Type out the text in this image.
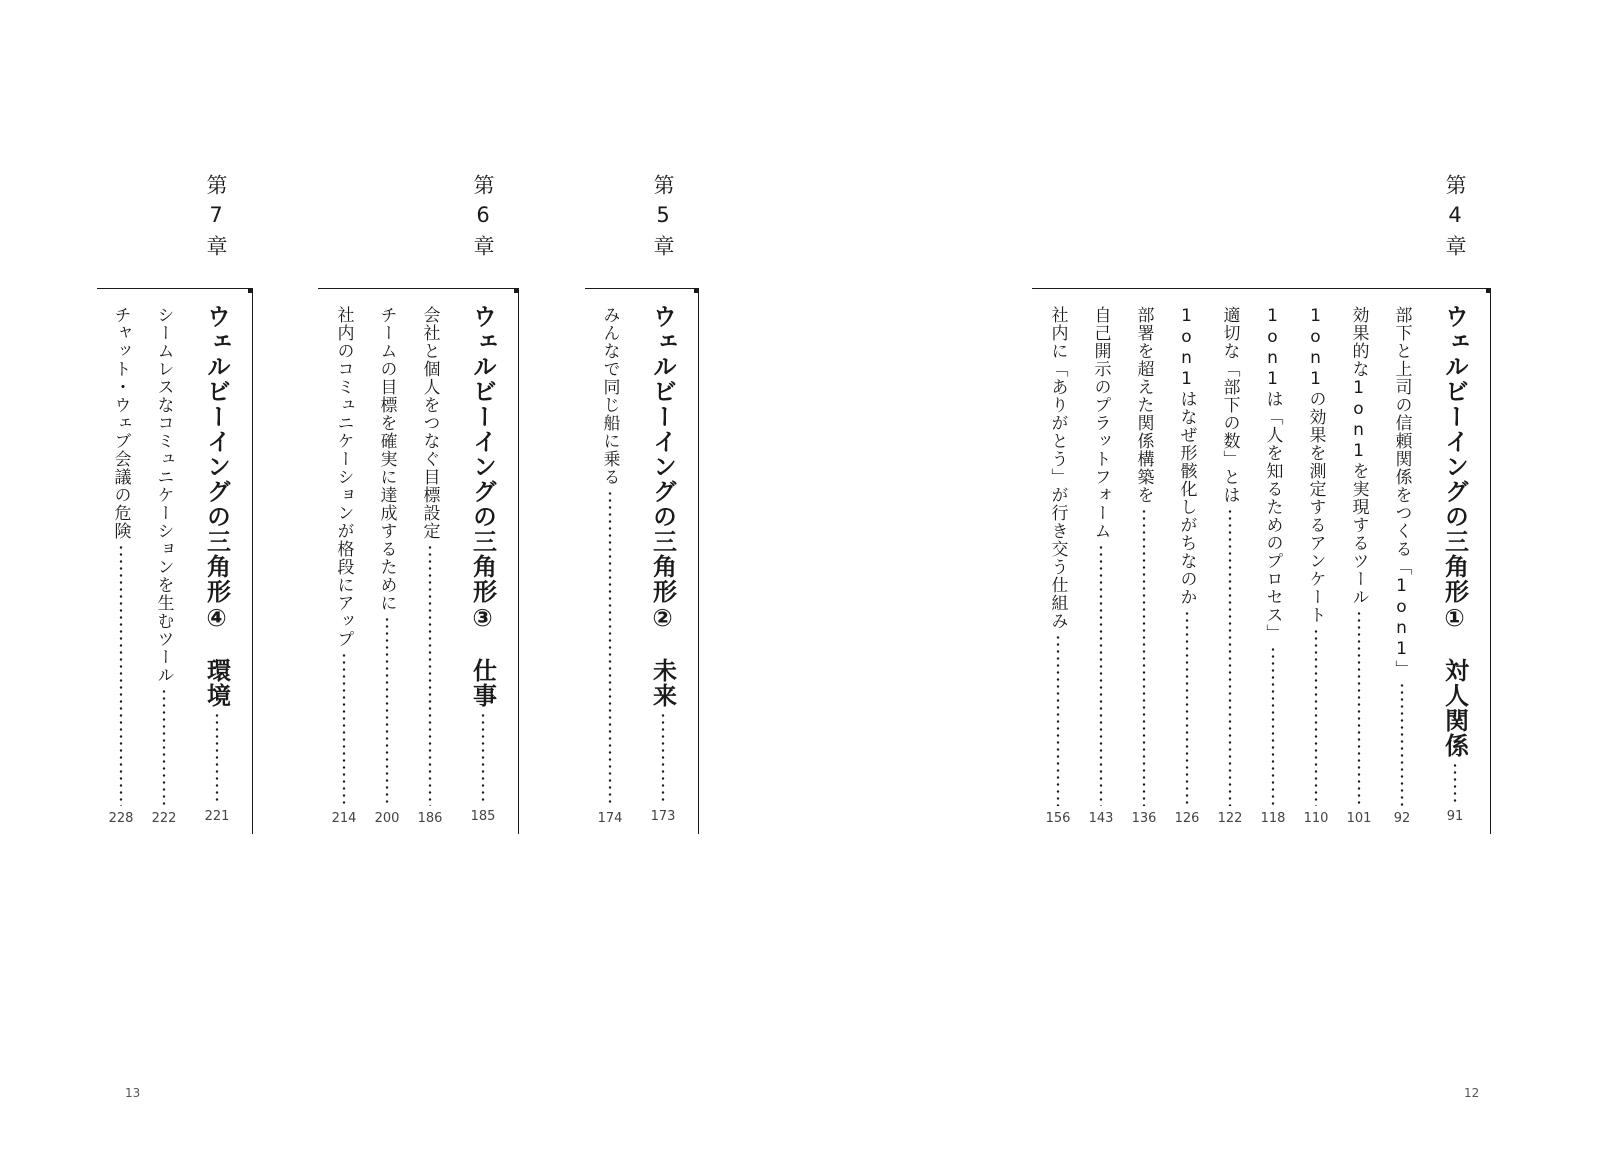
13	12
第7章
ウェルビーイングの三角形④　環境
221
シームレスなコミュニケーションを生むツール
222
チャット・ウェブ会議の危険
228
第6章
ウェルビーイングの三角形③　仕事
185
会社と個人をつなぐ目標設定
186
チームの目標を確実に達成するために
200
社内のコミュニケーションが格段にアップ
214
第5章
ウェルビーイングの三角形②　未来
173
みんなで同じ船に乗る
174
第4章
ウェルビーイングの三角形①　対人関係
91
部下と上司の信頼関係をつくる「1on1」
92
効果的な1on1を実現するツール
101
1on1の効果を測定するアンケート
110
1on1は「人を知るためのプロセス」
118
適切な「部下の数」とは
122
1on1はなぜ形骸化しがちなのか
126
部署を超えた関係構築を
136
自己開示のプラットフォーム
143
社内に「ありがとう」が行き交う仕組み
156
